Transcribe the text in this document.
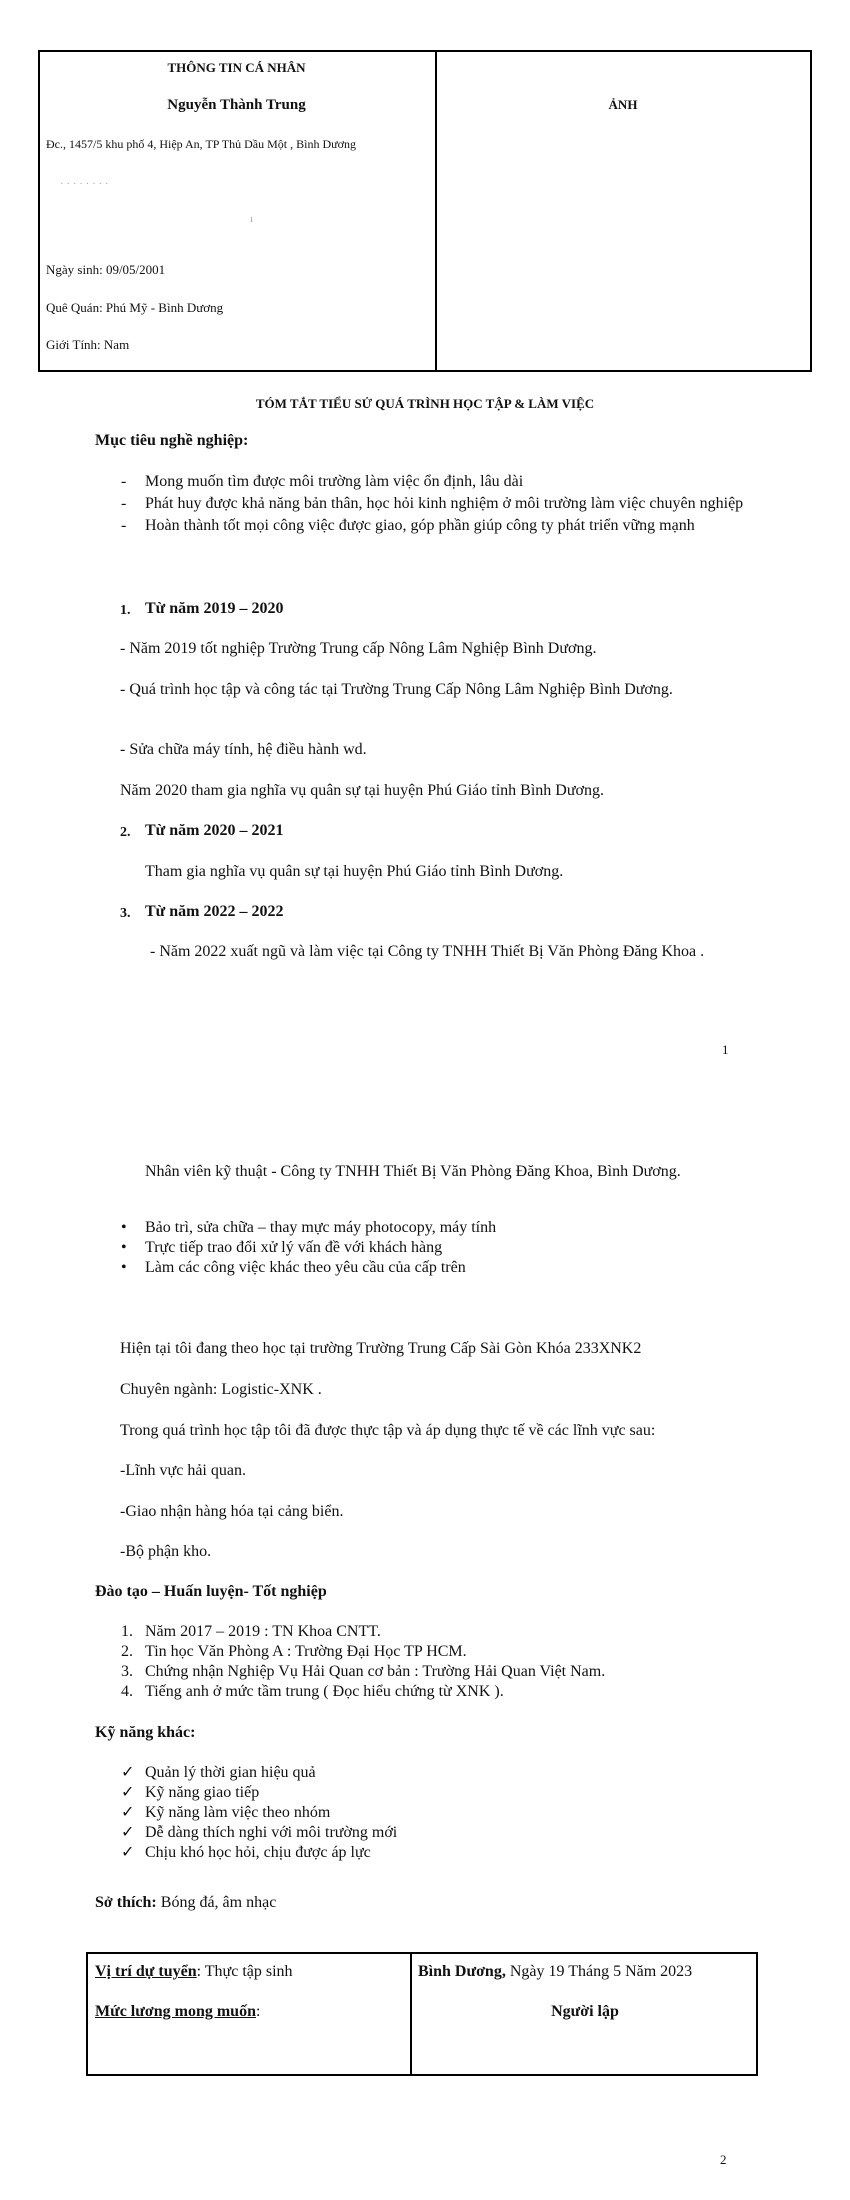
THÔNG TIN CÁ NHÂN
Nguyễn Thành Trung
Đc., 1457/5 khu phố 4, Hiệp An, TP Thủ Dầu Một , Bình Dương
· · · · · · · ·
ı
Ngày sinh: 09/05/2001
Quê Quán: Phú Mỹ - Bình Dương
Giới Tính: Nam
ẢNH
TÓM TẮT TIỂU SỬ QUÁ TRÌNH HỌC TẬP & LÀM VIỆC
Mục tiêu nghề nghiệp:
- Mong muốn tìm được môi trường làm việc ổn định, lâu dài
- Phát huy được khả năng bản thân, học hỏi kinh nghiệm ở môi trường làm việc chuyên nghiệp
- Hoàn thành tốt mọi công việc được giao, góp phần giúp công ty phát triển vững mạnh
1. Từ năm 2019 – 2020
- Năm 2019 tốt nghiệp Trường Trung cấp Nông Lâm Nghiệp Bình Dương.
- Quá trình học tập và công tác tại Trường Trung Cấp Nông Lâm Nghiệp Bình Dương.
- Sửa chữa máy tính, hệ điều hành wd.
Năm 2020 tham gia nghĩa vụ quân sự tại huyện Phú Giáo tỉnh Bình Dương.
2. Từ năm 2020 – 2021
Tham gia nghĩa vụ quân sự tại huyện Phú Giáo tỉnh Bình Dương.
3. Từ năm 2022 – 2022
- Năm 2022 xuất ngũ và làm việc tại Công ty TNHH Thiết Bị Văn Phòng Đăng Khoa .
1
Nhân viên kỹ thuật - Công ty TNHH Thiết Bị Văn Phòng Đăng Khoa, Bình Dương.
• Bảo trì, sửa chữa – thay mực máy photocopy, máy tính
• Trực tiếp trao đổi xử lý vấn đề với khách hàng
• Làm các công việc khác theo yêu cầu của cấp trên
Hiện tại tôi đang theo học tại trường Trường Trung Cấp Sài Gòn Khóa 233XNK2
Chuyên ngành: Logistic-XNK .
Trong quá trình học tập tôi đã được thực tập và áp dụng thực tế về các lĩnh vực sau:
-Lĩnh vực hải quan.
-Giao nhận hàng hóa tại cảng biển.
-Bộ phận kho.
Đào tạo – Huấn luyện- Tốt nghiệp
1. Năm 2017 – 2019 : TN Khoa CNTT.
2. Tin học Văn Phòng A : Trường Đại Học TP HCM.
3. Chứng nhận Nghiệp Vụ Hải Quan cơ bản : Trường Hải Quan Việt Nam.
4. Tiếng anh ở mức tầm trung ( Đọc hiểu chứng từ XNK ).
Kỹ năng khác:
✓ Quản lý thời gian hiệu quả
✓ Kỹ năng giao tiếp
✓ Kỹ năng làm việc theo nhóm
✓ Dễ dàng thích nghi với môi trường mới
✓ Chịu khó học hỏi, chịu được áp lực
Sở thích: Bóng đá, âm nhạc
Vị trí dự tuyển: Thực tập sinh
Mức lương mong muốn:
Bình Dương, Ngày 19 Tháng 5 Năm 2023
Người lập
2
